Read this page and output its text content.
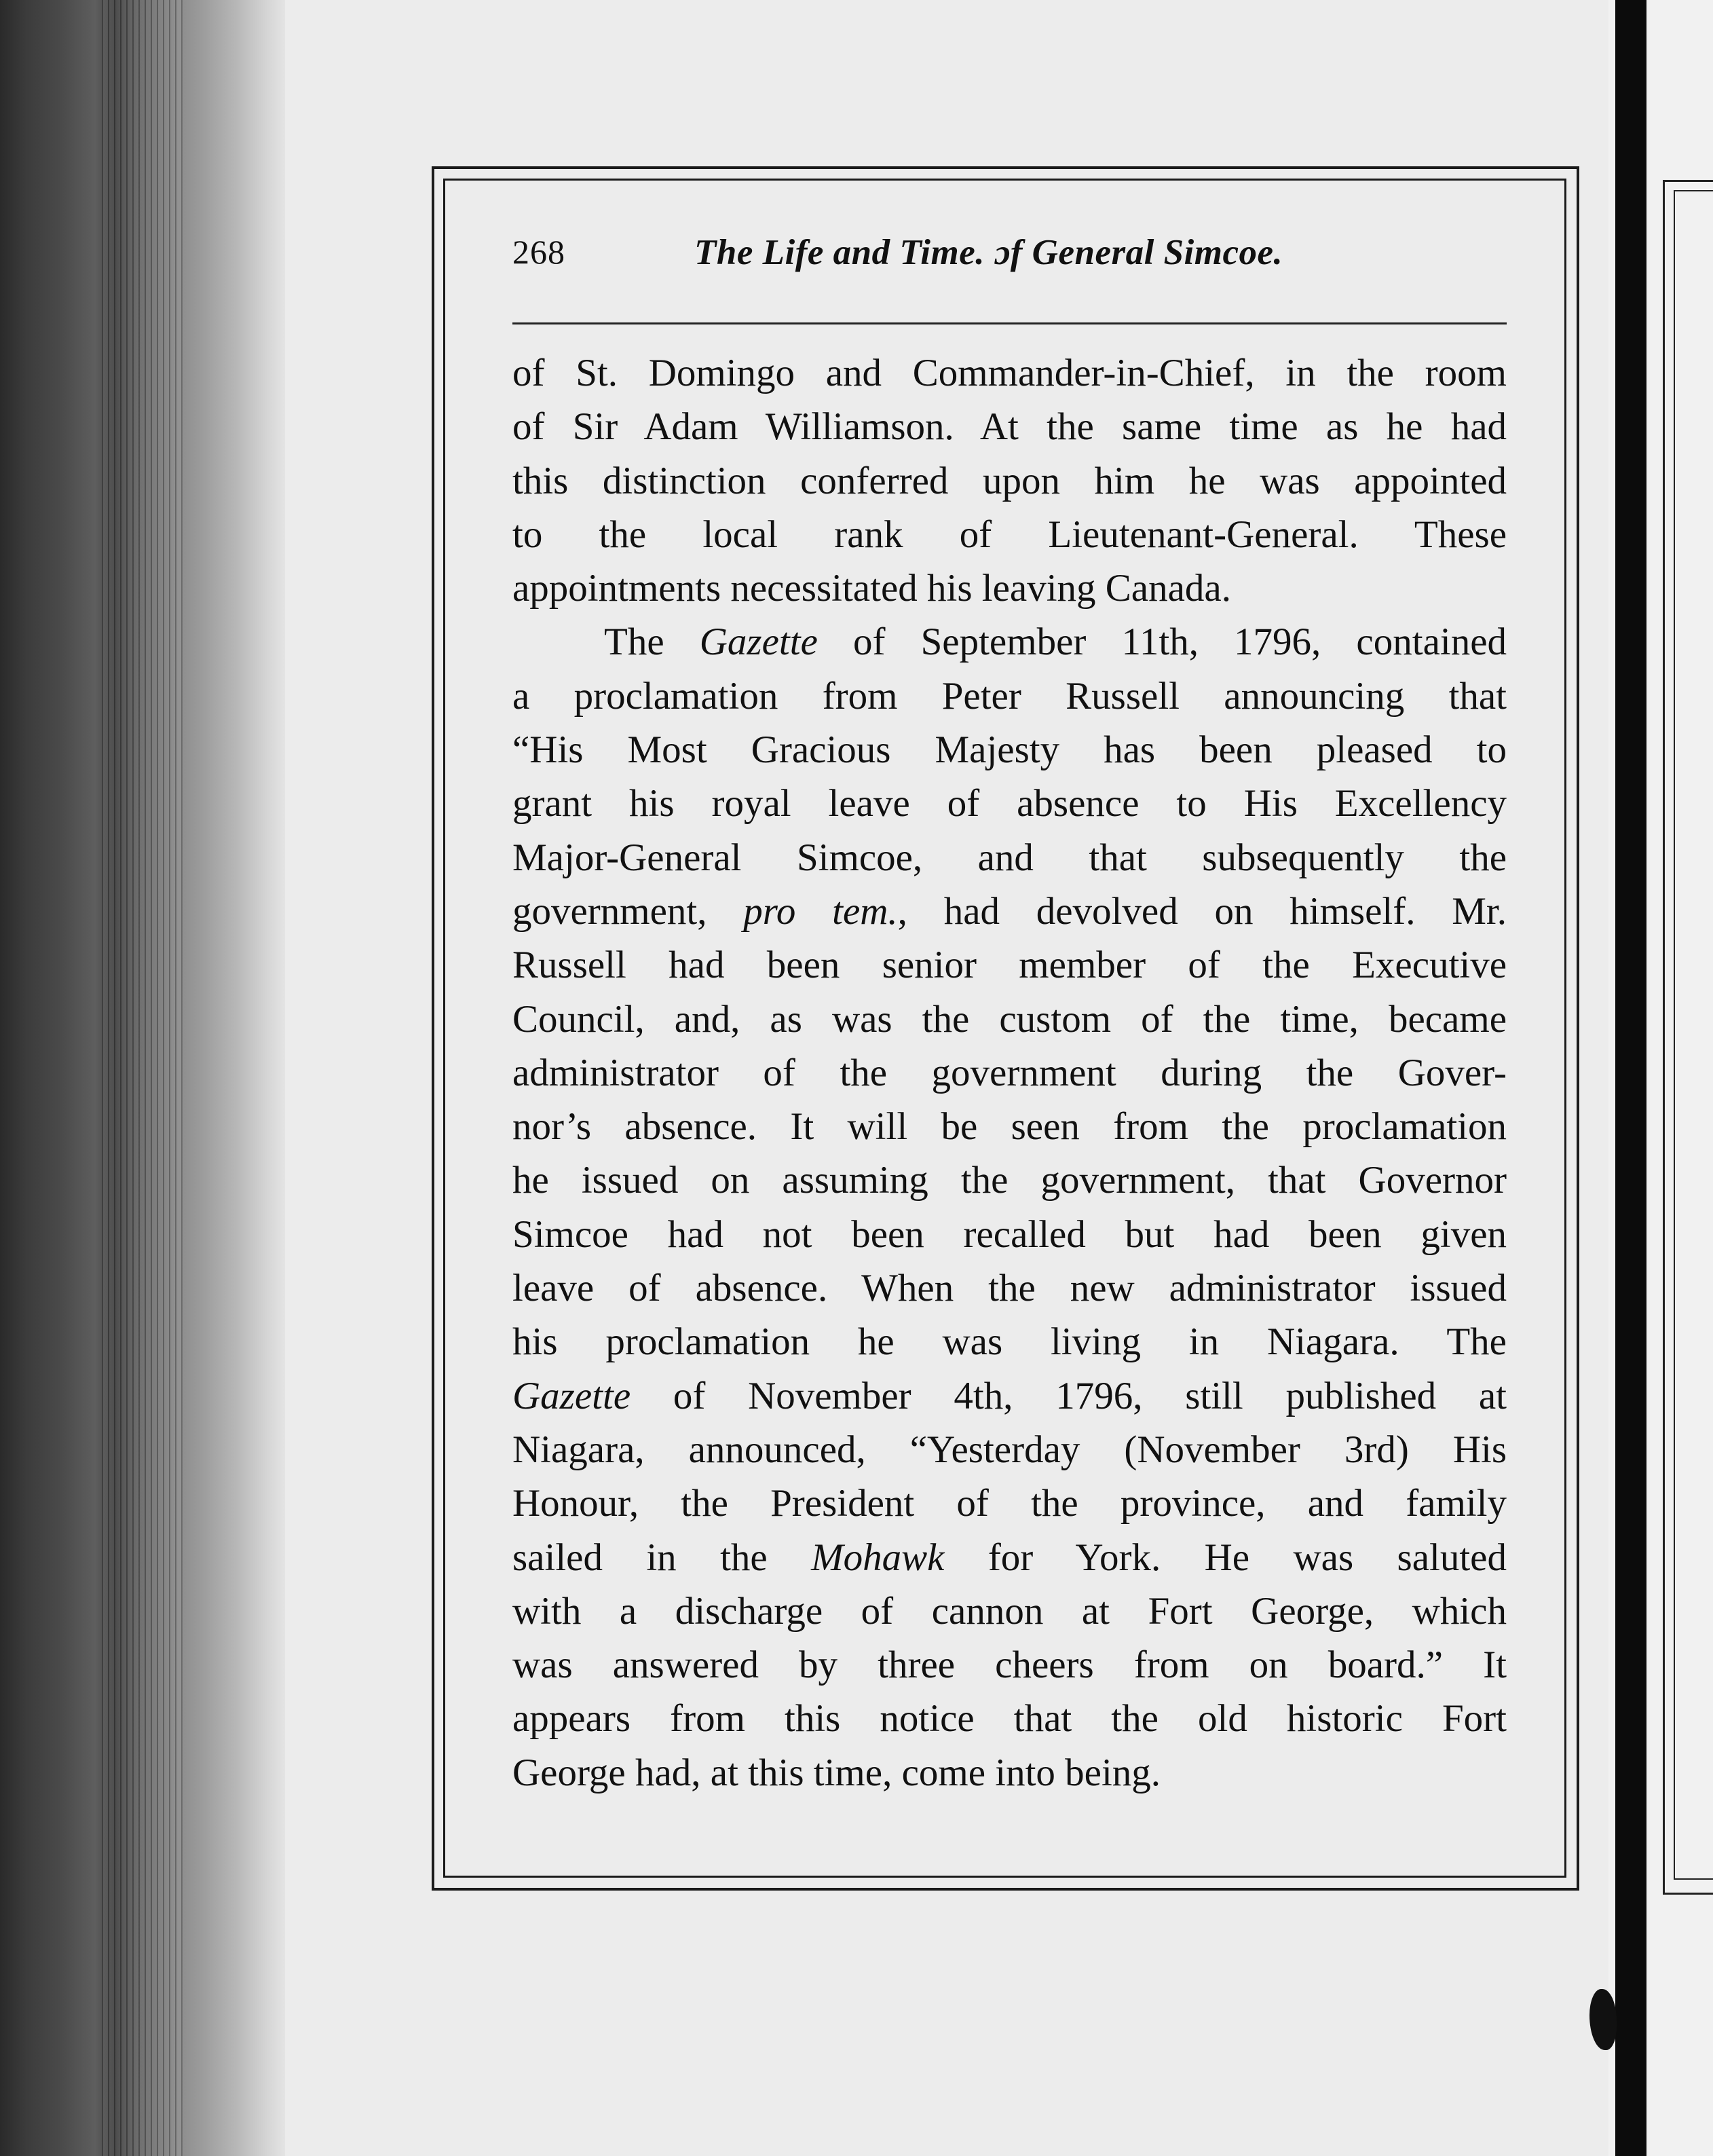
268	The Life and Time. ɔf General Simcoe.
of St. Domingo and Commander-in-Chief, in the room
of Sir Adam Williamson. At the same time as he had
this distinction conferred upon him he was appointed
to the local rank of Lieutenant-General. These
appointments necessitated his leaving Canada.
The Gazette of September 11th, 1796, contained
a proclamation from Peter Russell announcing that
“His Most Gracious Majesty has been pleased to
grant his royal leave of absence to His Excellency
Major-General Simcoe, and that subsequently the
government, pro tem., had devolved on himself. Mr.
Russell had been senior member of the Executive
Council, and, as was the custom of the time, became
administrator of the government during the Gover-
nor’s absence. It will be seen from the proclamation
he issued on assuming the government, that Governor
Simcoe had not been recalled but had been given
leave of absence. When the new administrator issued
his proclamation he was living in Niagara. The
Gazette of November 4th, 1796, still published at
Niagara, announced, “Yesterday (November 3rd) His
Honour, the President of the province, and family
sailed in the Mohawk for York. He was saluted
with a discharge of cannon at Fort George, which
was answered by three cheers from on board.” It
appears from this notice that the old historic Fort
George had, at this time, come into being.
